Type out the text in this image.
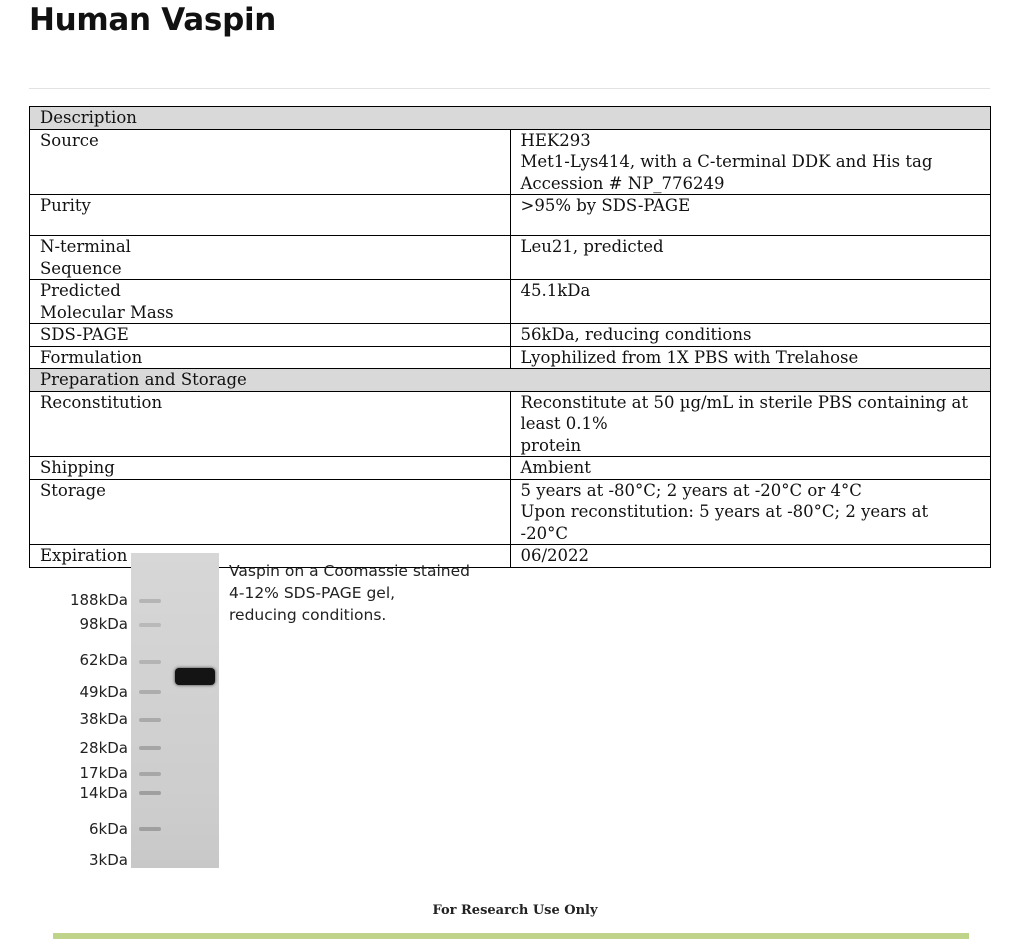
Human Vaspin
Description	
Source	HEK293
Met1-Lys414, with a C-terminal DDK and His tag
Accession # NP_776249

Purity	>95% by SDS-PAGE

N-terminal
Sequence	Leu21, predicted

Predicted
Molecular Mass	45.1kDa
SDS-PAGE	56kDa, reducing conditions
Formulation	Lyophilized from 1X PBS with Trelahose
Preparation and Storage	
Reconstitution	Reconstitute at 50 µg/mL in sterile PBS containing at least 0.1%
protein

Shipping	Ambient
Storage	5 years at -80°C; 2 years at -20°C or 4°C
Upon reconstitution: 5 years at -80°C; 2 years at -20°C

Expiration	06/2022
188kDa
98kDa
62kDa
49kDa
38kDa
28kDa
17kDa
14kDa
6kDa
3kDa
Vaspin on a Coomassie stained
4-12% SDS-PAGE gel,
reducing conditions.
For Research Use Only
